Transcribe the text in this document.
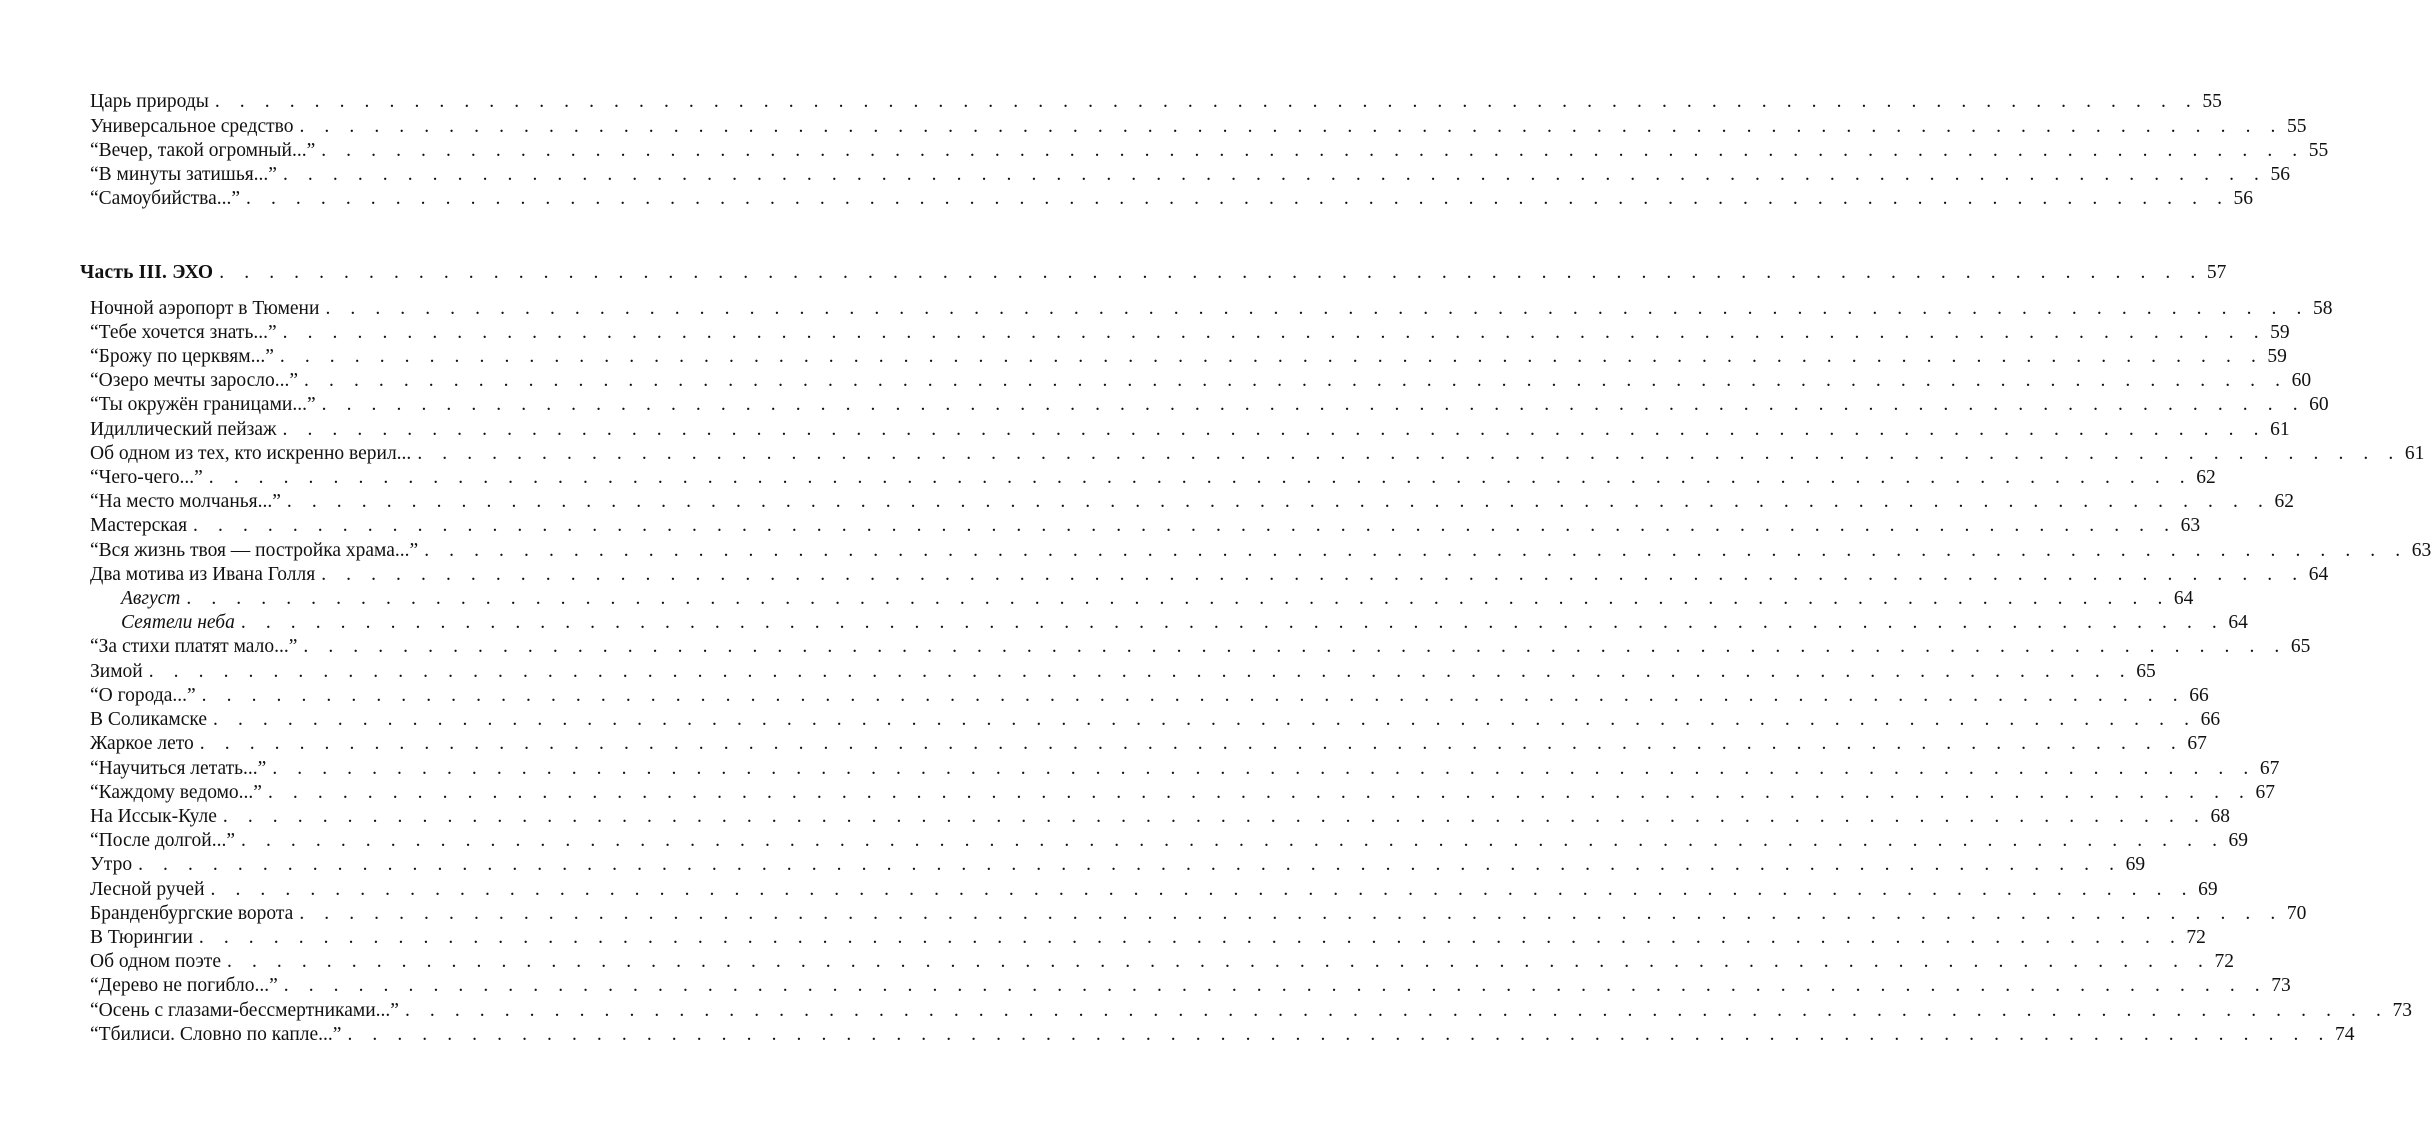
Царь природы . . . . . . . . . . . . . . . . . . . . . . . . . . . . . . . . . . . . . . . . . . . . . . . . . . . . . . . . . . . . . . . . . . . . . . . . . . . . . . . . 55
Универсальное средство . . . . . . . . . . . . . . . . . . . . . . . . . . . . . . . . . . . . . . . . . . . . . . . . . . . . . . . . . . . . . . . . . . . . . . . . . . . . . . . . 55
“Вечер, такой огромный...” . . . . . . . . . . . . . . . . . . . . . . . . . . . . . . . . . . . . . . . . . . . . . . . . . . . . . . . . . . . . . . . . . . . . . . . . . . . . . . . . 55
“В минуты затишья...” . . . . . . . . . . . . . . . . . . . . . . . . . . . . . . . . . . . . . . . . . . . . . . . . . . . . . . . . . . . . . . . . . . . . . . . . . . . . . . . . 56
“Самоубийства...” . . . . . . . . . . . . . . . . . . . . . . . . . . . . . . . . . . . . . . . . . . . . . . . . . . . . . . . . . . . . . . . . . . . . . . . . . . . . . . . . 56
Часть III. ЭХО . . . . . . . . . . . . . . . . . . . . . . . . . . . . . . . . . . . . . . . . . . . . . . . . . . . . . . . . . . . . . . . . . . . . . . . . . . . . . . . . 57
Ночной аэропорт в Тюмени . . . . . . . . . . . . . . . . . . . . . . . . . . . . . . . . . . . . . . . . . . . . . . . . . . . . . . . . . . . . . . . . . . . . . . . . . . . . . . . . 58
“Тебе хочется знать...” . . . . . . . . . . . . . . . . . . . . . . . . . . . . . . . . . . . . . . . . . . . . . . . . . . . . . . . . . . . . . . . . . . . . . . . . . . . . . . . . 59
“Брожу по церквям...” . . . . . . . . . . . . . . . . . . . . . . . . . . . . . . . . . . . . . . . . . . . . . . . . . . . . . . . . . . . . . . . . . . . . . . . . . . . . . . . . 59
“Озеро мечты заросло...” . . . . . . . . . . . . . . . . . . . . . . . . . . . . . . . . . . . . . . . . . . . . . . . . . . . . . . . . . . . . . . . . . . . . . . . . . . . . . . . . 60
“Ты окружён границами...” . . . . . . . . . . . . . . . . . . . . . . . . . . . . . . . . . . . . . . . . . . . . . . . . . . . . . . . . . . . . . . . . . . . . . . . . . . . . . . . . 60
Идиллический пейзаж . . . . . . . . . . . . . . . . . . . . . . . . . . . . . . . . . . . . . . . . . . . . . . . . . . . . . . . . . . . . . . . . . . . . . . . . . . . . . . . . 61
Об одном из тех, кто искренно верил... . . . . . . . . . . . . . . . . . . . . . . . . . . . . . . . . . . . . . . . . . . . . . . . . . . . . . . . . . . . . . . . . . . . . . . . . . . . . . . . . 61
“Чего-чего...” . . . . . . . . . . . . . . . . . . . . . . . . . . . . . . . . . . . . . . . . . . . . . . . . . . . . . . . . . . . . . . . . . . . . . . . . . . . . . . . . 62
“На место молчанья...” . . . . . . . . . . . . . . . . . . . . . . . . . . . . . . . . . . . . . . . . . . . . . . . . . . . . . . . . . . . . . . . . . . . . . . . . . . . . . . . . 62
Мастерская . . . . . . . . . . . . . . . . . . . . . . . . . . . . . . . . . . . . . . . . . . . . . . . . . . . . . . . . . . . . . . . . . . . . . . . . . . . . . . . . 63
“Вся жизнь твоя — постройка храма...” . . . . . . . . . . . . . . . . . . . . . . . . . . . . . . . . . . . . . . . . . . . . . . . . . . . . . . . . . . . . . . . . . . . . . . . . . . . . . . . . 63
Два мотива из Ивана Голля . . . . . . . . . . . . . . . . . . . . . . . . . . . . . . . . . . . . . . . . . . . . . . . . . . . . . . . . . . . . . . . . . . . . . . . . . . . . . . . . 64
Август . . . . . . . . . . . . . . . . . . . . . . . . . . . . . . . . . . . . . . . . . . . . . . . . . . . . . . . . . . . . . . . . . . . . . . . . . . . . . . . . 64
Сеятели неба . . . . . . . . . . . . . . . . . . . . . . . . . . . . . . . . . . . . . . . . . . . . . . . . . . . . . . . . . . . . . . . . . . . . . . . . . . . . . . . . 64
“За стихи платят мало...” . . . . . . . . . . . . . . . . . . . . . . . . . . . . . . . . . . . . . . . . . . . . . . . . . . . . . . . . . . . . . . . . . . . . . . . . . . . . . . . . 65
Зимой . . . . . . . . . . . . . . . . . . . . . . . . . . . . . . . . . . . . . . . . . . . . . . . . . . . . . . . . . . . . . . . . . . . . . . . . . . . . . . . . 65
“О города...” . . . . . . . . . . . . . . . . . . . . . . . . . . . . . . . . . . . . . . . . . . . . . . . . . . . . . . . . . . . . . . . . . . . . . . . . . . . . . . . . 66
В Соликамске . . . . . . . . . . . . . . . . . . . . . . . . . . . . . . . . . . . . . . . . . . . . . . . . . . . . . . . . . . . . . . . . . . . . . . . . . . . . . . . . 66
Жаркое лето . . . . . . . . . . . . . . . . . . . . . . . . . . . . . . . . . . . . . . . . . . . . . . . . . . . . . . . . . . . . . . . . . . . . . . . . . . . . . . . . 67
“Научиться летать...” . . . . . . . . . . . . . . . . . . . . . . . . . . . . . . . . . . . . . . . . . . . . . . . . . . . . . . . . . . . . . . . . . . . . . . . . . . . . . . . . 67
“Каждому ведомо...” . . . . . . . . . . . . . . . . . . . . . . . . . . . . . . . . . . . . . . . . . . . . . . . . . . . . . . . . . . . . . . . . . . . . . . . . . . . . . . . . 67
На Иссык-Куле . . . . . . . . . . . . . . . . . . . . . . . . . . . . . . . . . . . . . . . . . . . . . . . . . . . . . . . . . . . . . . . . . . . . . . . . . . . . . . . . 68
“После долгой...” . . . . . . . . . . . . . . . . . . . . . . . . . . . . . . . . . . . . . . . . . . . . . . . . . . . . . . . . . . . . . . . . . . . . . . . . . . . . . . . . 69
Утро . . . . . . . . . . . . . . . . . . . . . . . . . . . . . . . . . . . . . . . . . . . . . . . . . . . . . . . . . . . . . . . . . . . . . . . . . . . . . . . . 69
Лесной ручей . . . . . . . . . . . . . . . . . . . . . . . . . . . . . . . . . . . . . . . . . . . . . . . . . . . . . . . . . . . . . . . . . . . . . . . . . . . . . . . . 69
Бранденбургские ворота . . . . . . . . . . . . . . . . . . . . . . . . . . . . . . . . . . . . . . . . . . . . . . . . . . . . . . . . . . . . . . . . . . . . . . . . . . . . . . . . 70
В Тюрингии . . . . . . . . . . . . . . . . . . . . . . . . . . . . . . . . . . . . . . . . . . . . . . . . . . . . . . . . . . . . . . . . . . . . . . . . . . . . . . . . 72
Об одном поэте . . . . . . . . . . . . . . . . . . . . . . . . . . . . . . . . . . . . . . . . . . . . . . . . . . . . . . . . . . . . . . . . . . . . . . . . . . . . . . . . 72
“Дерево не погибло...” . . . . . . . . . . . . . . . . . . . . . . . . . . . . . . . . . . . . . . . . . . . . . . . . . . . . . . . . . . . . . . . . . . . . . . . . . . . . . . . . 73
“Осень с глазами-бессмертниками...” . . . . . . . . . . . . . . . . . . . . . . . . . . . . . . . . . . . . . . . . . . . . . . . . . . . . . . . . . . . . . . . . . . . . . . . . . . . . . . . . 73
“Тбилиси. Словно по капле...” . . . . . . . . . . . . . . . . . . . . . . . . . . . . . . . . . . . . . . . . . . . . . . . . . . . . . . . . . . . . . . . . . . . . . . . . . . . . . . . . 74
